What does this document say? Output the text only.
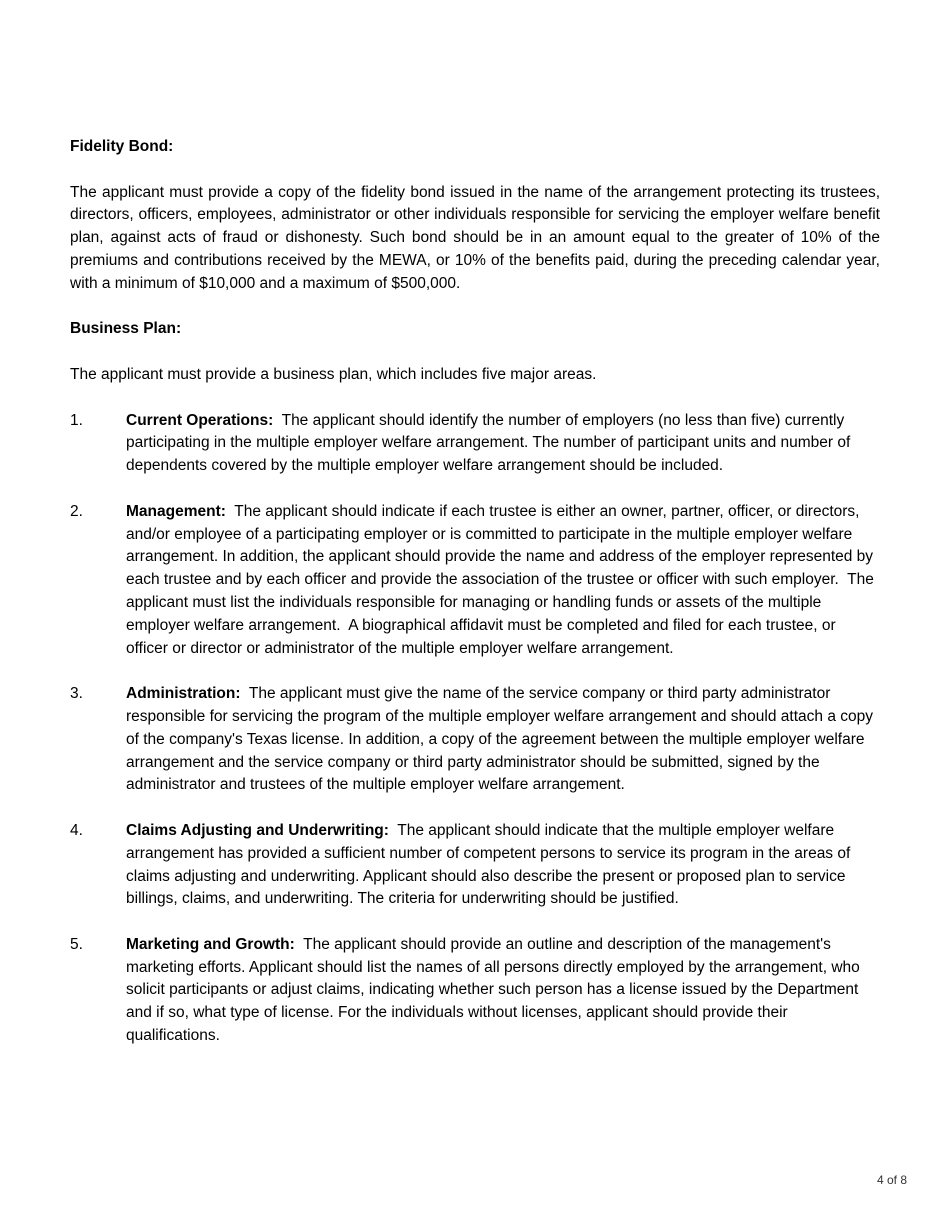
Fidelity Bond:

The applicant must provide a copy of the fidelity bond issued in the name of the arrangement protecting its trustees, directors, officers, employees, administrator or other individuals responsible for servicing the employer welfare benefit plan, against acts of fraud or dishonesty. Such bond should be in an amount equal to the greater of 10% of the premiums and contributions received by the MEWA, or 10% of the benefits paid, during the preceding calendar year, with a minimum of $10,000 and a maximum of $500,000.

Business Plan:

The applicant must provide a business plan, which includes five major areas.

1.	Current Operations:  The applicant should identify the number of employers (no less than five) currently participating in the multiple employer welfare arrangement. The number of participant units and number of dependents covered by the multiple employer welfare arrangement should be included.
2.	Management:  The applicant should indicate if each trustee is either an owner, partner, officer, or directors, and/or employee of a participating employer or is committed to participate in the multiple employer welfare arrangement. In addition, the applicant should provide the name and address of the employer represented by each trustee and by each officer and provide the association of the trustee or officer with such employer.  The applicant must list the individuals responsible for managing or handling funds or assets of the multiple employer welfare arrangement.  A biographical affidavit must be completed and filed for each trustee, or officer or director or administrator of the multiple employer welfare arrangement.
3.	Administration:  The applicant must give the name of the service company or third party administrator responsible for servicing the program of the multiple employer welfare arrangement and should attach a copy of the company's Texas license. In addition, a copy of the agreement between the multiple employer welfare arrangement and the service company or third party administrator should be submitted, signed by the administrator and trustees of the multiple employer welfare arrangement.
4.	Claims Adjusting and Underwriting:  The applicant should indicate that the multiple employer welfare arrangement has provided a sufficient number of competent persons to service its program in the areas of claims adjusting and underwriting. Applicant should also describe the present or proposed plan to service billings, claims, and underwriting. The criteria for underwriting should be justified.
5.	Marketing and Growth:  The applicant should provide an outline and description of the management's marketing efforts. Applicant should list the names of all persons directly employed by the arrangement, who solicit participants or adjust claims, indicating whether such person has a license issued by the Department and if so, what type of license. For the individuals without licenses, applicant should provide their qualifications.
4 of 8
